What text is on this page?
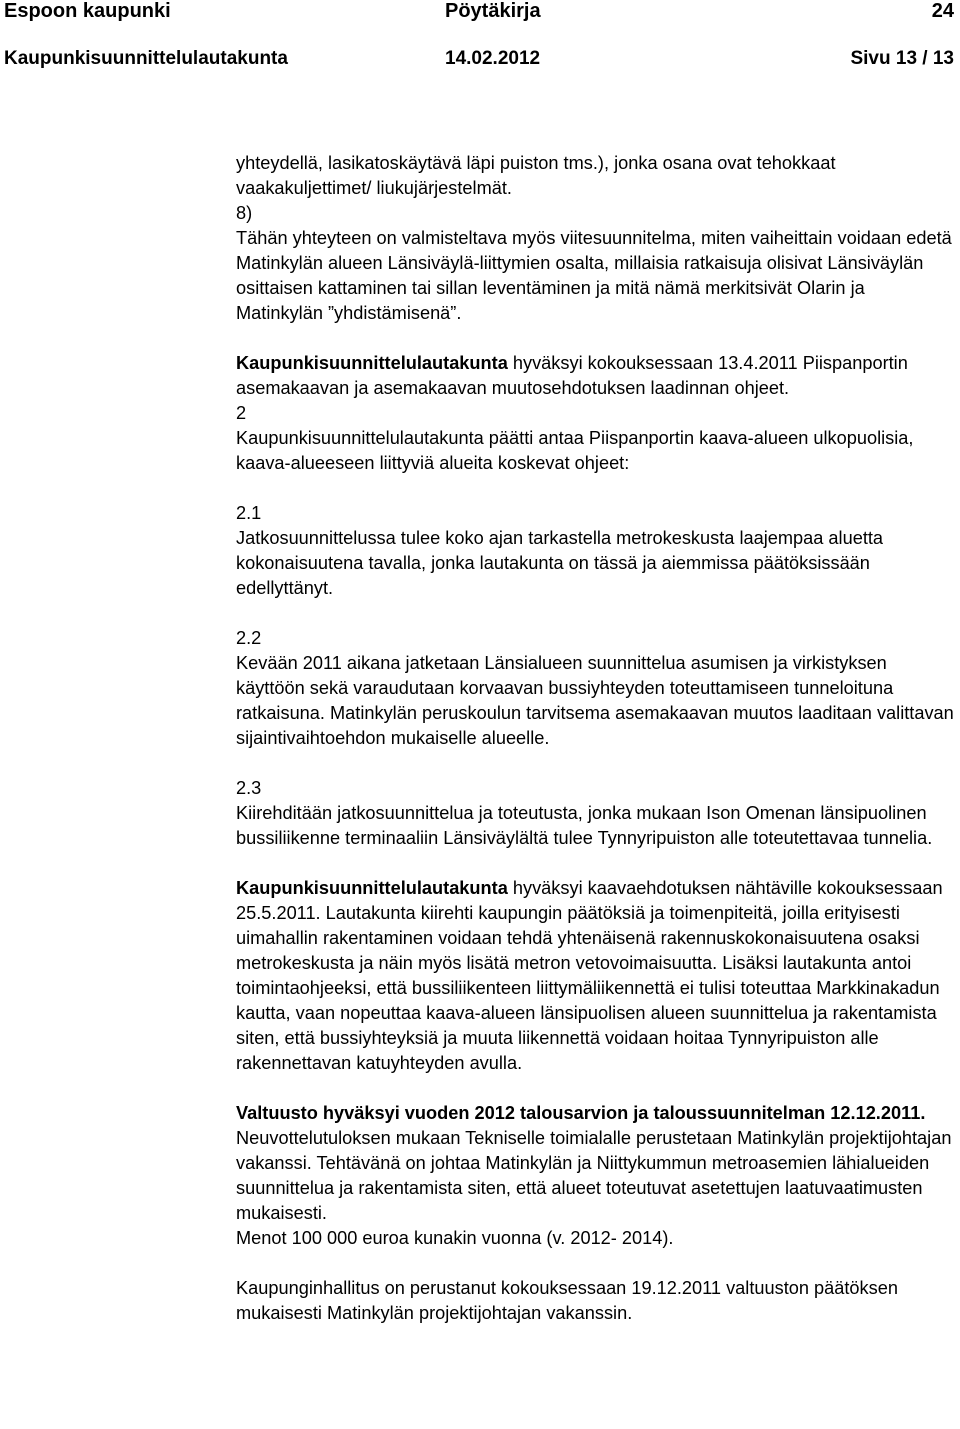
Espoon kaupunki	Pöytäkirja	24
Kaupunkisuunnittelulautakunta	14.02.2012	Sivu 13 / 13

yhteydellä, lasikatoskäytävä läpi puiston tms.), jonka osana ovat tehokkaat vaakakuljettimet/ liukujärjestelmät.

8)

Tähän yhteyteen on valmisteltava myös viitesuunnitelma, miten vaiheittain voidaan edetä Matinkylän alueen Länsiväylä-liittymien osalta, millaisia ratkaisuja olisivat Länsiväylän osittaisen kattaminen tai sillan leventäminen ja mitä nämä merkitsivät Olarin ja Matinkylän ”yhdistämisenä”.

Kaupunkisuunnittelulautakunta hyväksyi kokouksessaan 13.4.2011 Piispanportin asemakaavan ja asemakaavan muutosehdotuksen laadinnan ohjeet.

2

Kaupunkisuunnittelulautakunta päätti antaa Piispanportin kaava-alueen ulkopuolisia, kaava-alueeseen liittyviä alueita koskevat ohjeet:

2.1

Jatkosuunnittelussa tulee koko ajan tarkastella metrokeskusta laajempaa aluetta kokonaisuutena tavalla, jonka lautakunta on tässä ja aiemmissa päätöksissään edellyttänyt.

2.2

Kevään 2011 aikana jatketaan Länsialueen suunnittelua asumisen ja virkistyksen käyttöön sekä varaudutaan korvaavan bussiyhteyden toteuttamiseen tunneloituna ratkaisuna. Matinkylän peruskoulun tarvitsema asemakaavan muutos laaditaan valittavan sijaintivaihtoehdon mukaiselle alueelle.

2.3

Kiirehditään jatkosuunnittelua ja toteutusta, jonka mukaan Ison Omenan länsipuolinen bussiliikenne terminaaliin Länsiväylältä tulee Tynnyripuiston alle toteutettavaa tunnelia.

Kaupunkisuunnittelulautakunta hyväksyi kaavaehdotuksen nähtäville kokouksessaan 25.5.2011. Lautakunta kiirehti kaupungin päätöksiä ja toimenpiteitä, joilla erityisesti uimahallin rakentaminen voidaan tehdä yhtenäisenä rakennuskokonaisuutena osaksi metrokeskusta ja näin myös lisätä metron vetovoimaisuutta. Lisäksi lautakunta antoi toimintaohjeeksi, että bussiliikenteen liittymäliikennettä ei tulisi toteuttaa Markkinakadun kautta, vaan nopeuttaa kaava-alueen länsipuolisen alueen suunnittelua ja rakentamista siten, että bussiyhteyksiä ja muuta liikennettä voidaan hoitaa Tynnyripuiston alle rakennettavan katuyhteyden avulla.

Valtuusto hyväksyi vuoden 2012 talousarvion ja taloussuunnitelman 12.12.2011. Neuvottelutuloksen mukaan Tekniselle toimialalle perustetaan Matinkylän projektijohtajan vakanssi. Tehtävänä on johtaa Matinkylän ja Niittykummun metroasemien lähialueiden suunnittelua ja rakentamista siten, että alueet toteutuvat asetettujen laatuvaatimusten mukaisesti.

Menot 100 000 euroa kunakin vuonna (v. 2012- 2014).

Kaupunginhallitus on perustanut kokouksessaan 19.12.2011 valtuuston päätöksen mukaisesti Matinkylän projektijohtajan vakanssin.
